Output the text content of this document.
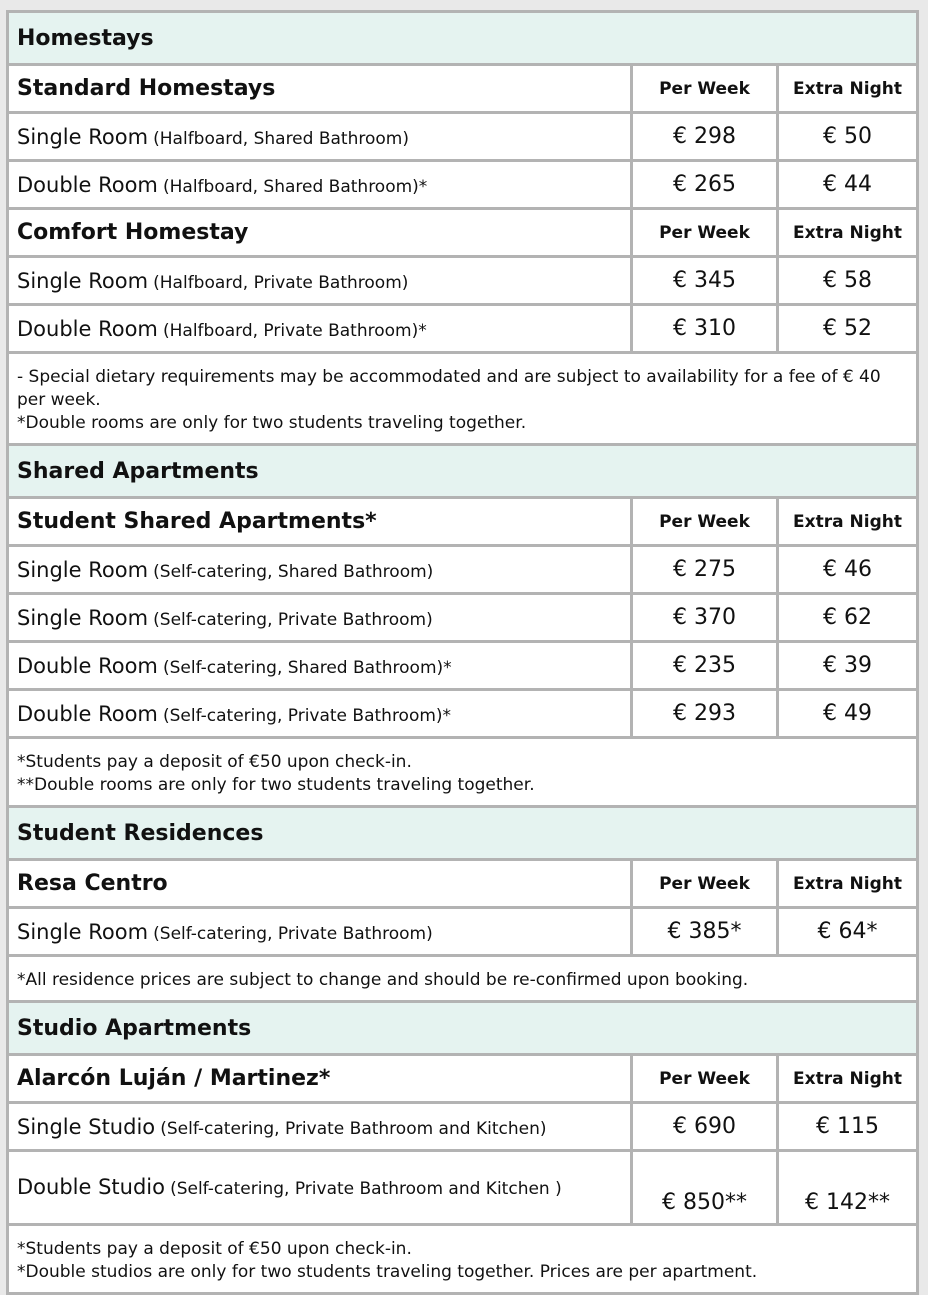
Homestays		
Standard Homestays	Per Week	Extra Night
Single Room (Halfboard, Shared Bathroom)	€ 298	€ 50
Double Room (Halfboard, Shared Bathroom)*	€ 265	€ 44
Comfort Homestay	Per Week	Extra Night
Single Room (Halfboard, Private Bathroom)	€ 345	€ 58
Double Room (Halfboard, Private Bathroom)*	€ 310	€ 52

- Special dietary requirements may be accommodated and are subject to availability for a fee of € 40 per week.
*Double rooms are only for two students traveling together.		

Shared Apartments		
Student Shared Apartments*	Per Week	Extra Night
Single Room (Self-catering, Shared Bathroom)	€ 275	€ 46
Single Room (Self-catering, Private Bathroom)	€ 370	€ 62
Double Room (Self-catering, Shared Bathroom)*	€ 235	€ 39
Double Room (Self-catering, Private Bathroom)*	€ 293	€ 49

*Students pay a deposit of €50 upon check-in.
**Double rooms are only for two students traveling together.		

Student Residences		
Resa Centro	Per Week	Extra Night
Single Room (Self-catering, Private Bathroom)	€ 385*	€ 64*

*All residence prices are subject to change and should be re-confirmed upon booking.		

Studio Apartments		
Alarcón Luján / Martinez*	Per Week	Extra Night
Single Studio (Self-catering, Private Bathroom and Kitchen)	€ 690	€ 115
Double Studio (Self-catering, Private Bathroom and Kitchen )	€ 850**	€ 142**

*Students pay a deposit of €50 upon check-in.
*Double studios are only for two students traveling together. Prices are per apartment.		
